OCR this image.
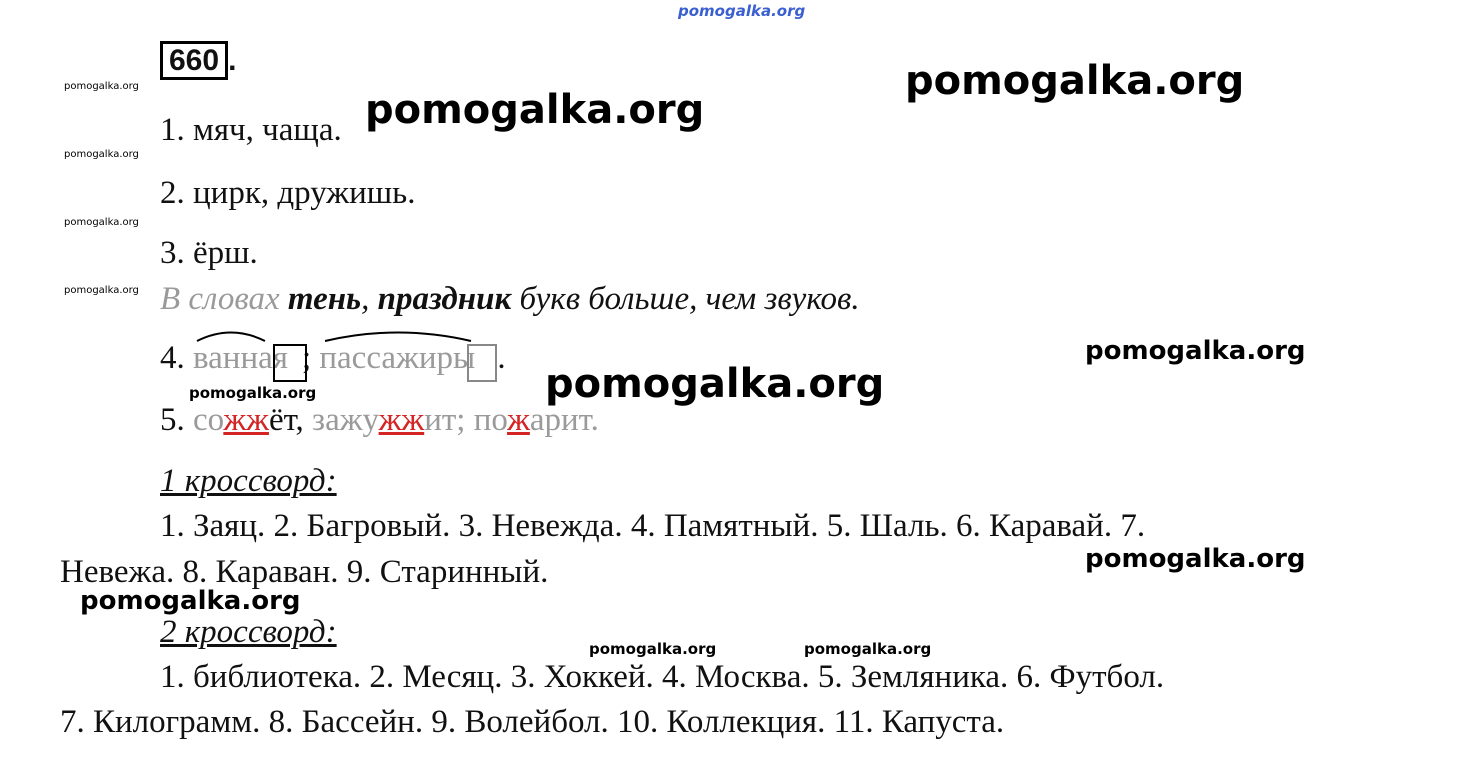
pomogalka.org
660 .
pomogalka.org
pomogalka.org
pomogalka.org
pomogalka.org
pomogalka.org
pomogalka.org
1. мяч, чаща.
2. цирк, дружишь.
3. ёрш.
В словах тень, праздник букв больше, чем звуков.
4.
ванная ;
пассажиры
.	pomogalka.org
pomogalka.org	pomogalka.org
5. сожжёт, зажужжит; пожарит.
1 кроссворд:
1. Заяц. 2. Багровый. 3. Невежда. 4. Памятный. 5. Шаль. 6. Каравай. 7.
Невежа. 8. Караван. 9. Старинный.	pomogalka.org
pomogalka.org
2 кроссворд:	pomogalka.org	pomogalka.org
1. библиотека. 2. Месяц. 3. Хоккей. 4. Москва. 5. Земляника. 6. Футбол.
7. Килограмм. 8. Бассейн. 9. Волейбол. 10. Коллекция. 11. Капуста.
